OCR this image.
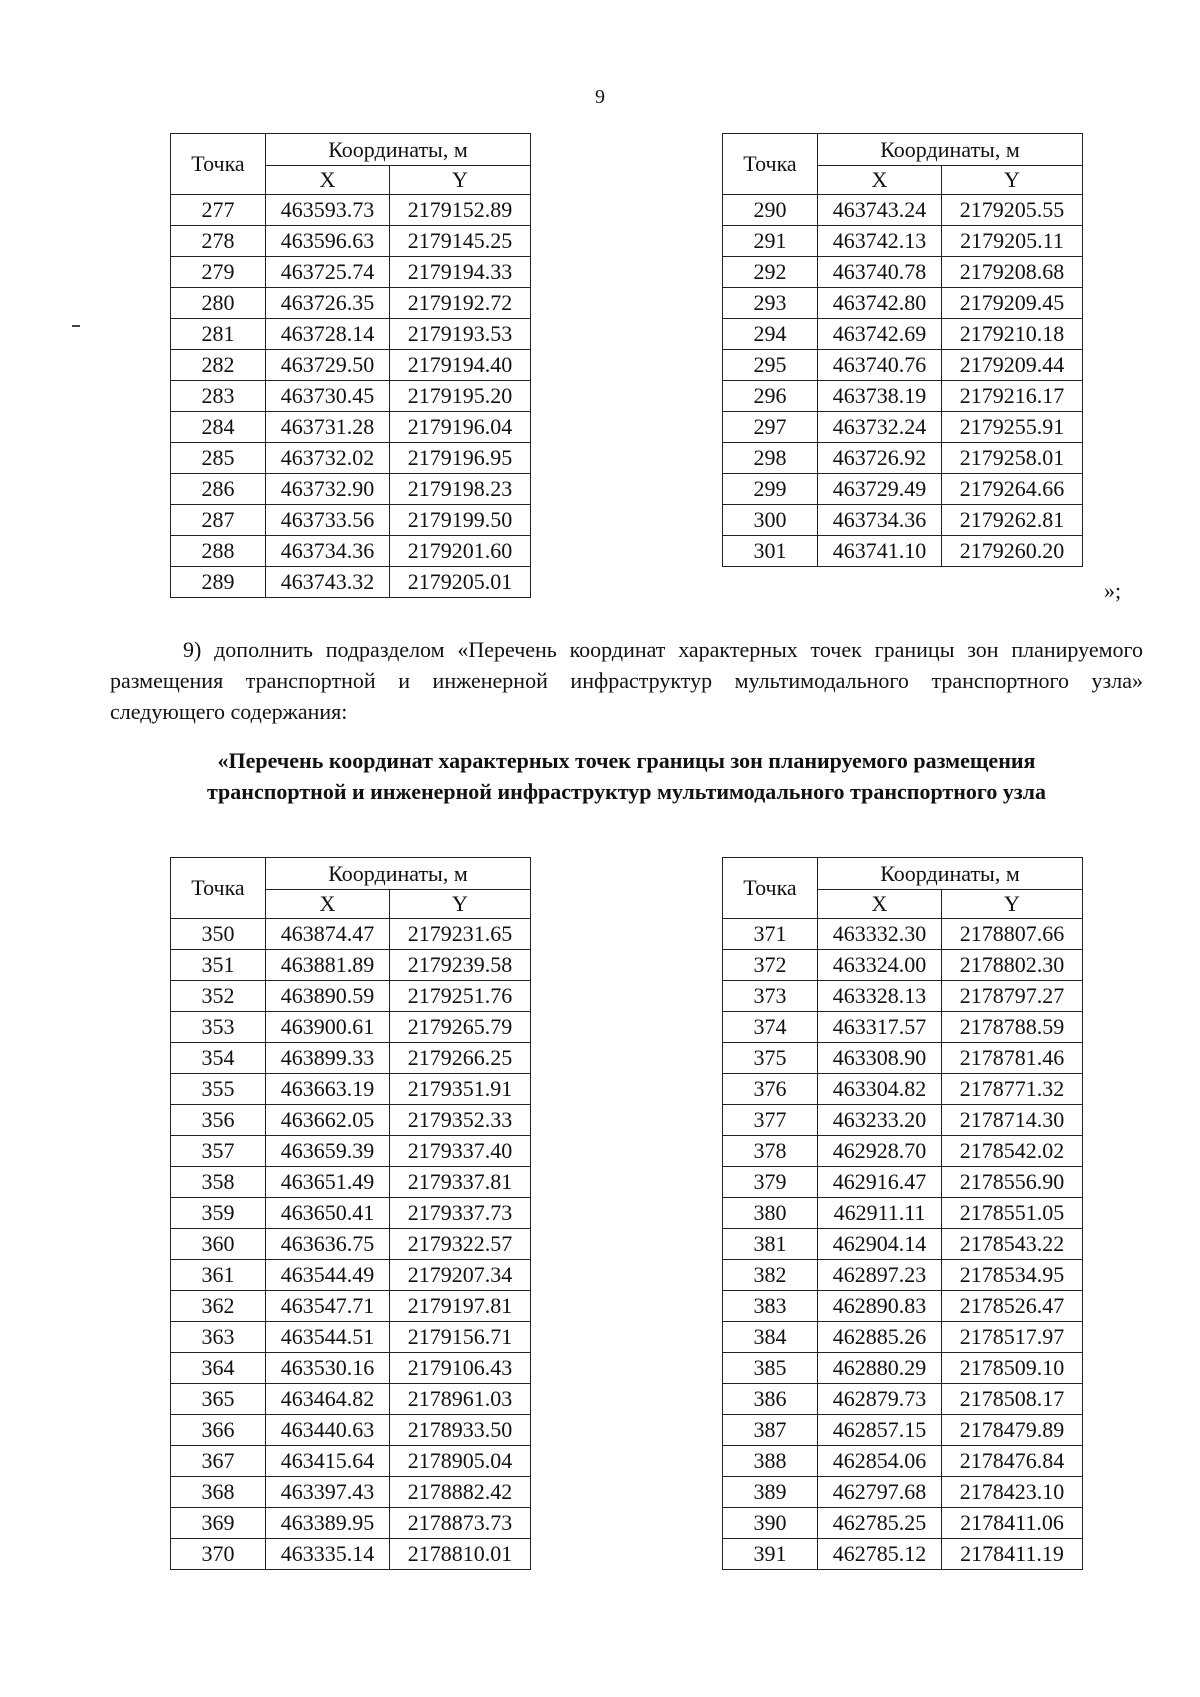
9
Точка	Координаты, м	
	X	Y
277	463593.73	2179152.89
278	463596.63	2179145.25
279	463725.74	2179194.33
280	463726.35	2179192.72
281	463728.14	2179193.53
282	463729.50	2179194.40
283	463730.45	2179195.20
284	463731.28	2179196.04
285	463732.02	2179196.95
286	463732.90	2179198.23
287	463733.56	2179199.50
288	463734.36	2179201.60
289	463743.32	2179205.01
Точка	Координаты, м	
	X	Y
290	463743.24	2179205.55
291	463742.13	2179205.11
292	463740.78	2179208.68
293	463742.80	2179209.45
294	463742.69	2179210.18
295	463740.76	2179209.44
296	463738.19	2179216.17
297	463732.24	2179255.91
298	463726.92	2179258.01
299	463729.49	2179264.66
300	463734.36	2179262.81
301	463741.10	2179260.20
»;
9) дополнить подразделом «Перечень координат характерных точек границы зон планируемого размещения транспортной и инженерной инфраструктур мультимодального транспортного узла» следующего содержания:
«Перечень координат характерных точек границы зон планируемого размещения
транспортной и инженерной инфраструктур мультимодального транспортного узла
Точка	Координаты, м	
	X	Y
350	463874.47	2179231.65
351	463881.89	2179239.58
352	463890.59	2179251.76
353	463900.61	2179265.79
354	463899.33	2179266.25
355	463663.19	2179351.91
356	463662.05	2179352.33
357	463659.39	2179337.40
358	463651.49	2179337.81
359	463650.41	2179337.73
360	463636.75	2179322.57
361	463544.49	2179207.34
362	463547.71	2179197.81
363	463544.51	2179156.71
364	463530.16	2179106.43
365	463464.82	2178961.03
366	463440.63	2178933.50
367	463415.64	2178905.04
368	463397.43	2178882.42
369	463389.95	2178873.73
370	463335.14	2178810.01
Точка	Координаты, м	
	X	Y
371	463332.30	2178807.66
372	463324.00	2178802.30
373	463328.13	2178797.27
374	463317.57	2178788.59
375	463308.90	2178781.46
376	463304.82	2178771.32
377	463233.20	2178714.30
378	462928.70	2178542.02
379	462916.47	2178556.90
380	462911.11	2178551.05
381	462904.14	2178543.22
382	462897.23	2178534.95
383	462890.83	2178526.47
384	462885.26	2178517.97
385	462880.29	2178509.10
386	462879.73	2178508.17
387	462857.15	2178479.89
388	462854.06	2178476.84
389	462797.68	2178423.10
390	462785.25	2178411.06
391	462785.12	2178411.19
